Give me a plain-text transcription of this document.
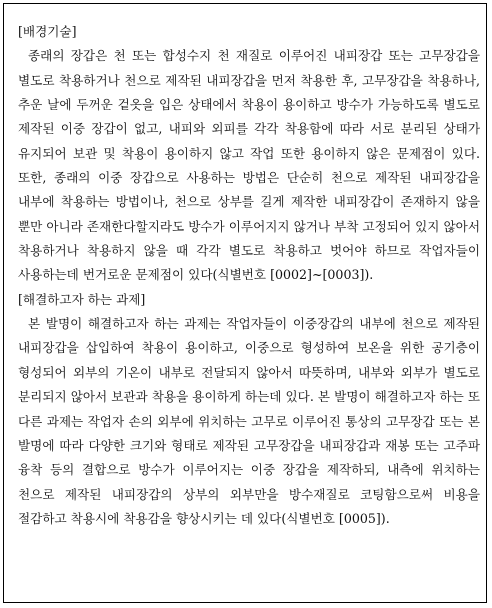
[배경기술]
종래의 장갑은 천 또는 합성수지 천 재질로 이루어진 내피장갑 또는 고무장갑을 별도로 착용하거나 천으로 제작된 내피장갑을 먼저 착용한 후, 고무장갑을 착용하나, 추운 날에 두꺼운 겉옷을 입은 상태에서 착용이 용이하고 방수가 가능하도록 별도로 제작된 이중 장갑이 없고, 내피와 외피를 각각 착용함에 따라 서로 분리된 상태가 유지되어 보관 및 착용이 용이하지 않고 작업 또한 용이하지 않은 문제점이 있다. 또한, 종래의 이중 장갑으로 사용하는 방법은 단순히 천으로 제작된 내피장갑을 내부에 착용하는 방법이나, 천으로 상부를 길게 제작한 내피장갑이 존재하지 않을 뿐만 아니라 존재한다할지라도 방수가 이루어지지 않거나 부착 고정되어 있지 않아서 착용하거나 착용하지 않을 때 각각 별도로 착용하고 벗어야 하므로 작업자들이 사용하는데 번거로운 문제점이 있다(식별번호 [0002]~[0003]).
[해결하고자 하는 과제]
본 발명이 해결하고자 하는 과제는 작업자들이 이중장갑의 내부에 천으로 제작된 내피장갑을 삽입하여 착용이 용이하고, 이중으로 형성하여 보온을 위한 공기층이 형성되어 외부의 기온이 내부로 전달되지 않아서 따뜻하며, 내부와 외부가 별도로 분리되지 않아서 보관과 착용을 용이하게 하는데 있다. 본 발명이 해결하고자 하는 또 다른 과제는 작업자 손의 외부에 위치하는 고무로 이루어진 통상의 고무장갑 또는 본 발명에 따라 다양한 크기와 형태로 제작된 고무장갑을 내피장갑과 재봉 또는 고주파 융착 등의 결합으로 방수가 이루어지는 이중 장갑을 제작하되, 내측에 위치하는 천으로 제작된 내피장갑의 상부의 외부만을 방수재질로 코팅함으로써 비용을 절감하고 착용시에 착용감을 향상시키는 데 있다(식별번호 [0005]).
